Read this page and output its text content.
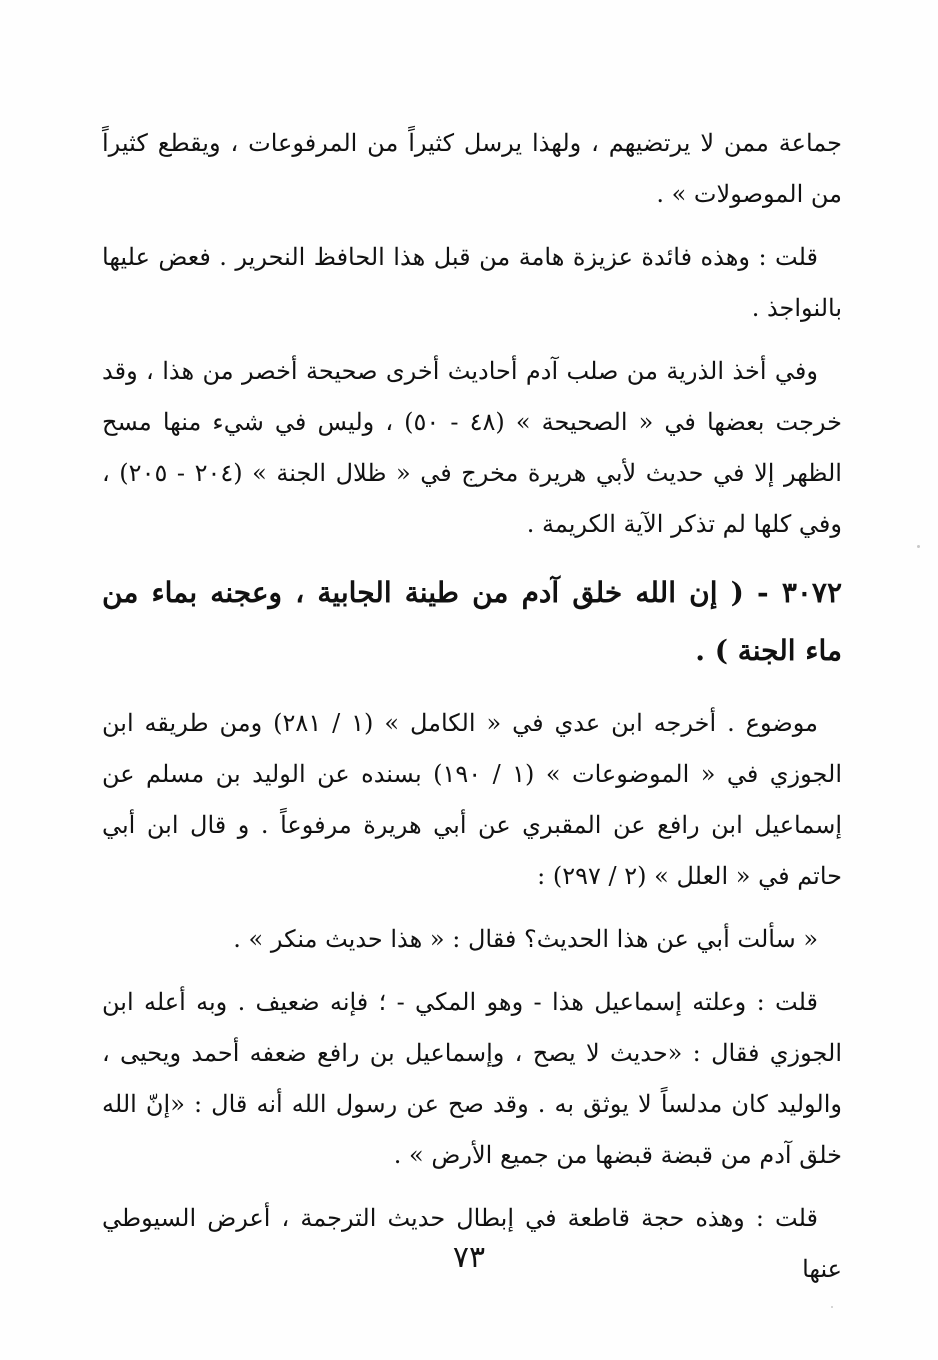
جماعة ممن لا يرتضيهم ، ولهذا يرسل كثيراً من المرفوعات ، ويقطع كثيراً من الموصولات » .

قلت : وهذه فائدة عزيزة هامة من قبل هذا الحافظ النحرير . فعض عليها بالنواجذ .

وفي أخذ الذرية من صلب آدم أحاديث أخرى صحيحة أخصر من هذا ، وقد خرجت بعضها في « الصحيحة » (٤٨ - ٥٠) ، وليس في شيء منها مسح الظهر إلا في حديث لأبي هريرة مخرج في « ظلال الجنة » (٢٠٤ - ٢٠٥) ، وفي كلها لم تذكر الآية الكريمة .

٣٠٧٢ - ( إن الله خلق آدم من طينة الجابية ، وعجنه بماء من ماء الجنة ) .

موضوع . أخرجه ابن عدي في « الكامل » (١ / ٢٨١) ومن طريقه ابن الجوزي في « الموضوعات » (١ / ١٩٠) بسنده عن الوليد بن مسلم عن إسماعيل ابن رافع عن المقبري عن أبي هريرة مرفوعاً . و قال ابن أبي حاتم في « العلل » (٢ / ٢٩٧) :

« سألت أبي عن هذا الحديث؟ فقال : « هذا حديث منكر » .

قلت : وعلته إسماعيل هذا - وهو المكي - ؛ فإنه ضعيف . وبه أعله ابن الجوزي فقال : «حديث لا يصح ، وإسماعيل بن رافع ضعفه أحمد ويحيى ، والوليد كان مدلساً لا يوثق به . وقد صح عن رسول الله أنه قال : «إنّ الله خلق آدم من قبضة قبضها من جميع الأرض » .

قلت : وهذه حجة قاطعة في إبطال حديث الترجمة ، أعرض السيوطي عنها

٧٣
